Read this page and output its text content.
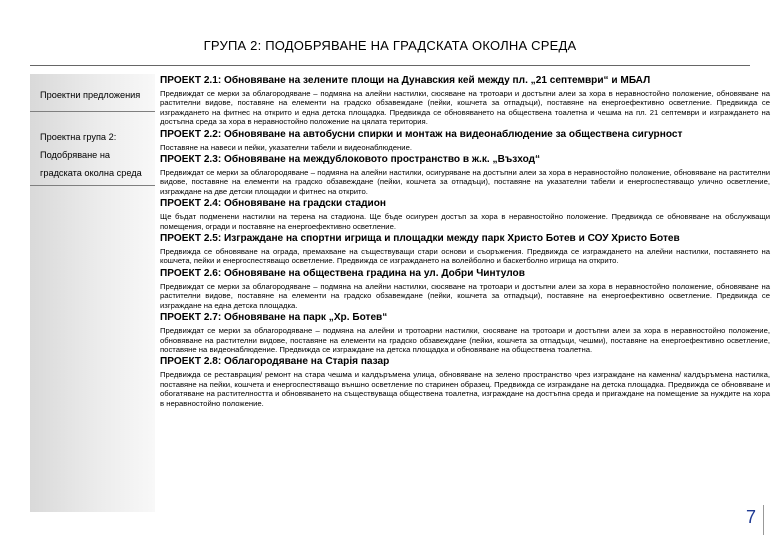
ГРУПА 2: ПОДОБРЯВАНЕ НА ГРАДСКАТА ОКОЛНА СРЕДА
Проектни предложения
Проектна група 2:
Подобряване на
градската околна среда
ПРОЕКТ 2.1: Обновяване на зелените площи на Дунавския кей между пл. „21 септември“ и МБАЛ
Предвиждат се мерки за облагородяване – подмяна на алейни настилки, сюсяване на тротоари и достъпни алеи за хора в неравностойно положение, обновяване на растителни видове, поставяне на елементи на градско обзавеждане (пейки, кошчета за отпадъци), поставяне на енергоефективно осветление. Предвижда се изграждането на фитнес на открито и една детска площадка. Предвижда се обновяването на обществена тоалетна и чешма на пл. 21 септември и изграждането на достъпна среда за хора в неравностойно положение на цялата територия.
ПРОЕКТ 2.2: Обновяване на автобусни спирки и монтаж на видеонаблюдение за обществена сигурност
Поставяне на навеси и пейки, указателни табели и видеонаблюдение.
ПРОЕКТ 2.3: Обновяване на междублоковото пространство в ж.к. „Възход“
Предвиждат се мерки за облагородяване – подмяна на алейни настилки, осигуряване на достъпни алеи за хора в неравностойно положение, обновяване на растителни видове, поставяне на елементи на градско обзавеждане (пейки, кошчета за отпадъци), поставяне на указателни табели и енергоспестяващо улично осветление, изграждане на две детски площадки и фитнес на открито.
ПРОЕКТ 2.4: Обновяване на градски стадион
Ще бъдат подменени настилки на терена на стадиона. Ще бъде осигурен достъп за хора в неравностойно положение. Предвижда се обновяване на обслужващи помещения, огради и поставяне на енергоефективно осветление.
ПРОЕКТ 2.5: Изграждане на спортни игрища и площадки между парк Христо Ботев и СОУ Христо Ботев
Предвижда се обновяване на ограда, премахване на съществуващи стари основи и съоръжения. Предвижда се изграждането на алейни настилки, поставянето на кошчета, пейки и енергоспестяващо осветление. Предвижда се изграждането на волейболно и баскетболно игрища на открито.
ПРОЕКТ 2.6: Обновяване на обществена градина на ул. Добри Чинтулов
Предвиждат се мерки за облагородяване – подмяна на алейни настилки, сюсяване на тротоари и достъпни алеи за хора в неравностойно положение, обновяване на растителни видове, поставяне на елементи на градско обзавеждане (пейки, кошчета за отпадъци), поставяне на енергоефективно осветление. Предвижда се изграждане на една детска площадка.
ПРОЕКТ 2.7: Обновяване на парк „Хр. Ботев“
Предвиждат се мерки за облагородяване – подмяна на алейни и тротоарни настилки, сюсяване на тротоари и достъпни алеи за хора в неравностойно положение, обновяване на растителни видове, поставяне на елементи на градско обзавеждане (пейки, кошчета за отпадъци, чешми), поставяне на енергоефективно осветление, поставяне на видеонаблюдение. Предвижда се изграждане на детска площадка и обновяване на обществена тоалетна.
ПРОЕКТ 2.8: Облагородяване на Старія пазар
Предвижда се реставрация/ ремонт на стара чешма и калдъръмена улица, обновяване на зелено пространство чрез изграждане на каменна/ калдъръмена настилка, поставяне на пейки, кошчета и енергоспестяващо външно осветление по старинен образец. Предвижда се изграждане на детска площадка. Предвижда се обновяване и обогатяване на растителността и обновяването на съществуваща обществена тоалетна, изграждане на достъпна среда и пригаждане на помещение за нуждите на хора в неравностойно положение.
7
